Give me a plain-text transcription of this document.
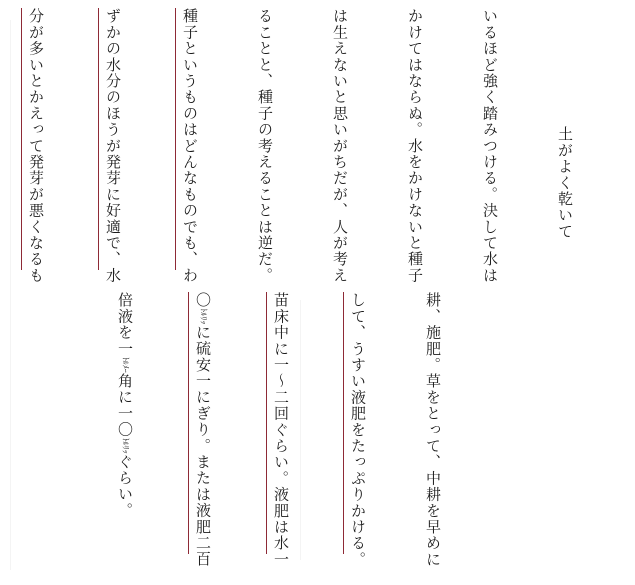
土がよく乾いて

いるほど強く踏みつける。決して水は

かけてはならぬ。水をかけないと種子

は生えないと思いがちだが、人が考え

ることと、種子の考えることは逆だ。

種子というものはどんなものでも、わ

ずかの水分のほうが発芽に好適で、水

分が多いとかえって発芽が悪くなるも

耕、施肥。草をとって、中耕を早めに

して、うすい液肥をたっぷりかける。

苗床中に一〜二回ぐらい。液肥は水一

〇ﾄﾙﾘｯに硫安一にぎり。または液肥二百

倍液を一ﾄﾙﾒｰ角に一〇ﾄﾙﾘｯぐらい。
